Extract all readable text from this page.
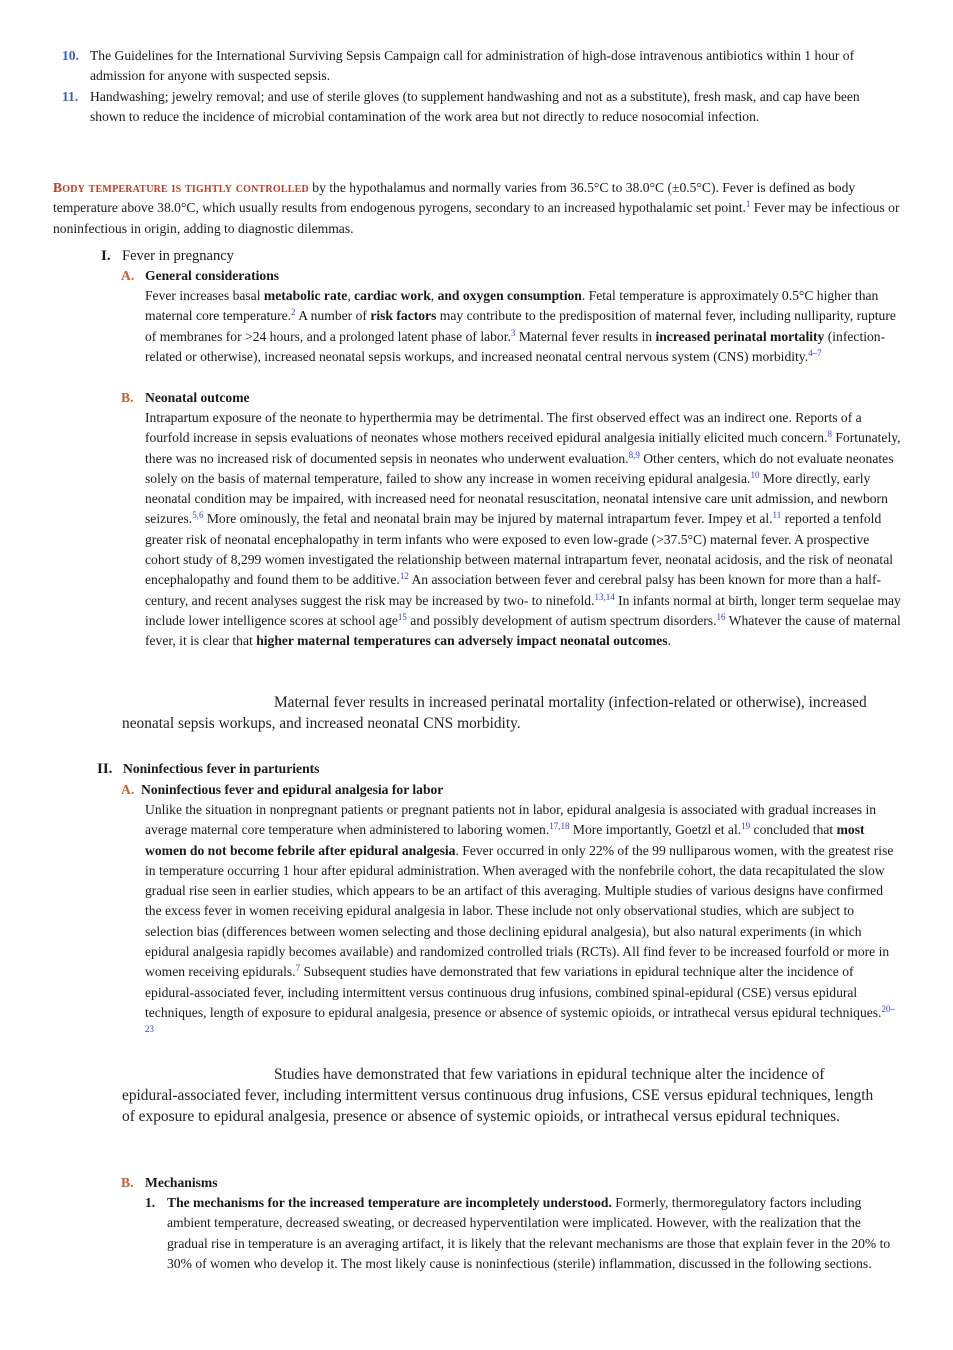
10. The Guidelines for the International Surviving Sepsis Campaign call for administration of high-dose intravenous antibiotics within 1 hour of admission for anyone with suspected sepsis.
11. Handwashing; jewelry removal; and use of sterile gloves (to supplement handwashing and not as a substitute), fresh mask, and cap have been shown to reduce the incidence of microbial contamination of the work area but not directly to reduce nosocomial infection.
Body temperature is tightly controlled by the hypothalamus and normally varies from 36.5°C to 38.0°C (±0.5°C). Fever is defined as body temperature above 38.0°C, which usually results from endogenous pyrogens, secondary to an increased hypothalamic set point.$^1$ Fever may be infectious or noninfectious in origin, adding to diagnostic dilemmas.
I. Fever in pregnancy
A. General considerations
Fever increases basal metabolic rate, cardiac work, and oxygen consumption. Fetal temperature is approximately 0.5°C higher than maternal core temperature.$^2$ A number of risk factors may contribute to the predisposition of maternal fever, including nulliparity, rupture of membranes for >24 hours, and a prolonged latent phase of labor.$^3$ Maternal fever results in increased perinatal mortality (infection-related or otherwise), increased neonatal sepsis workups, and increased neonatal central nervous system (CNS) morbidity.$^{4-7}$
B. Neonatal outcome
Intrapartum exposure of the neonate to hyperthermia may be detrimental. The first observed effect was an indirect one. Reports of a fourfold increase in sepsis evaluations of neonates whose mothers received epidural analgesia initially elicited much concern.$^8$ Fortunately, there was no increased risk of documented sepsis in neonates who underwent evaluation.$^{8,9}$ Other centers, which do not evaluate neonates solely on the basis of maternal temperature, failed to show any increase in women receiving epidural analgesia.$^{10}$ More directly, early neonatal condition may be impaired, with increased need for neonatal resuscitation, neonatal intensive care unit admission, and newborn seizures.$^{5,6}$ More ominously, the fetal and neonatal brain may be injured by maternal intrapartum fever. Impey et al.$^{11}$ reported a tenfold greater risk of neonatal encephalopathy in term infants who were exposed to even low-grade (>37.5°C) maternal fever. A prospective cohort study of 8,299 women investigated the relationship between maternal intrapartum fever, neonatal acidosis, and the risk of neonatal encephalopathy and found them to be additive.$^{12}$ An association between fever and cerebral palsy has been known for more than a half-century, and recent analyses suggest the risk may be increased by two- to ninefold.$^{13,14}$ In infants normal at birth, longer term sequelae may include lower intelligence scores at school age$^{15}$ and possibly development of autism spectrum disorders.$^{16}$ Whatever the cause of maternal fever, it is clear that higher maternal temperatures can adversely impact neonatal outcomes.
Maternal fever results in increased perinatal mortality (infection-related or otherwise), increased neonatal sepsis workups, and increased neonatal CNS morbidity.
II. Noninfectious fever in parturients
A. Noninfectious fever and epidural analgesia for labor
Unlike the situation in nonpregnant patients or pregnant patients not in labor, epidural analgesia is associated with gradual increases in average maternal core temperature when administered to laboring women.$^{17,18}$ More importantly, Goetzl et al.$^{19}$ concluded that most women do not become febrile after epidural analgesia. Fever occurred in only 22% of the 99 nulliparous women, with the greatest rise in temperature occurring 1 hour after epidural administration. When averaged with the nonfebrile cohort, the data recapitulated the slow gradual rise seen in earlier studies, which appears to be an artifact of this averaging. Multiple studies of various designs have confirmed the excess fever in women receiving epidural analgesia in labor. These include not only observational studies, which are subject to selection bias (differences between women selecting and those declining epidural analgesia), but also natural experiments (in which epidural analgesia rapidly becomes available) and randomized controlled trials (RCTs). All find fever to be increased fourfold or more in women receiving epidurals.$^7$ Subsequent studies have demonstrated that few variations in epidural technique alter the incidence of epidural-associated fever, including intermittent versus continuous drug infusions, combined spinal-epidural (CSE) versus epidural techniques, length of exposure to epidural analgesia, presence or absence of systemic opioids, or intrathecal versus epidural techniques.$^{20-23}$
Studies have demonstrated that few variations in epidural technique alter the incidence of epidural-associated fever, including intermittent versus continuous drug infusions, CSE versus epidural techniques, length of exposure to epidural analgesia, presence or absence of systemic opioids, or intrathecal versus epidural techniques.
B. Mechanisms
1. The mechanisms for the increased temperature are incompletely understood. Formerly, thermoregulatory factors including ambient temperature, decreased sweating, or decreased hyperventilation were implicated. However, with the realization that the gradual rise in temperature is an averaging artifact, it is likely that the relevant mechanisms are those that explain fever in the 20% to 30% of women who develop it. The most likely cause is noninfectious (sterile) inflammation, discussed in the following sections.
